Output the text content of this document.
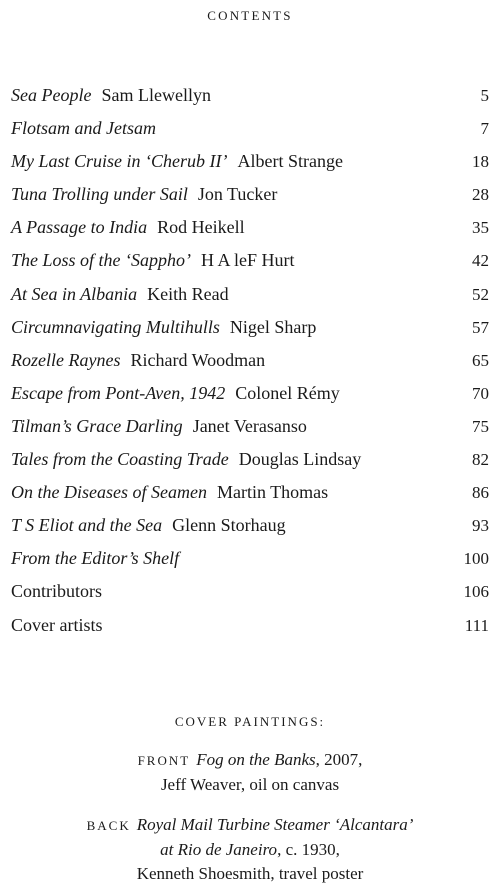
CONTENTS
Sea People Sam Llewellyn	5
Flotsam and Jetsam	7
My Last Cruise in ‘Cherub II’ Albert Strange	18
Tuna Trolling under Sail Jon Tucker	28
A Passage to India Rod Heikell	35
The Loss of the ‘Sappho’ H A leF Hurt	42
At Sea in Albania Keith Read	52
Circumnavigating Multihulls Nigel Sharp	57
Rozelle Raynes Richard Woodman	65
Escape from Pont-Aven, 1942 Colonel Rémy	70
Tilman’s Grace Darling Janet Verasanso	75
Tales from the Coasting Trade Douglas Lindsay	82
On the Diseases of Seamen Martin Thomas	86
T S Eliot and the Sea Glenn Storhaug	93
From the Editor’s Shelf	100
Contributors	106
Cover artists	111
COVER PAINTINGS:
FRONT Fog on the Banks, 2007,
Jeff Weaver, oil on canvas
BACK Royal Mail Turbine Steamer ‘Alcantara’
at Rio de Janeiro, c. 1930,
Kenneth Shoesmith, travel poster
